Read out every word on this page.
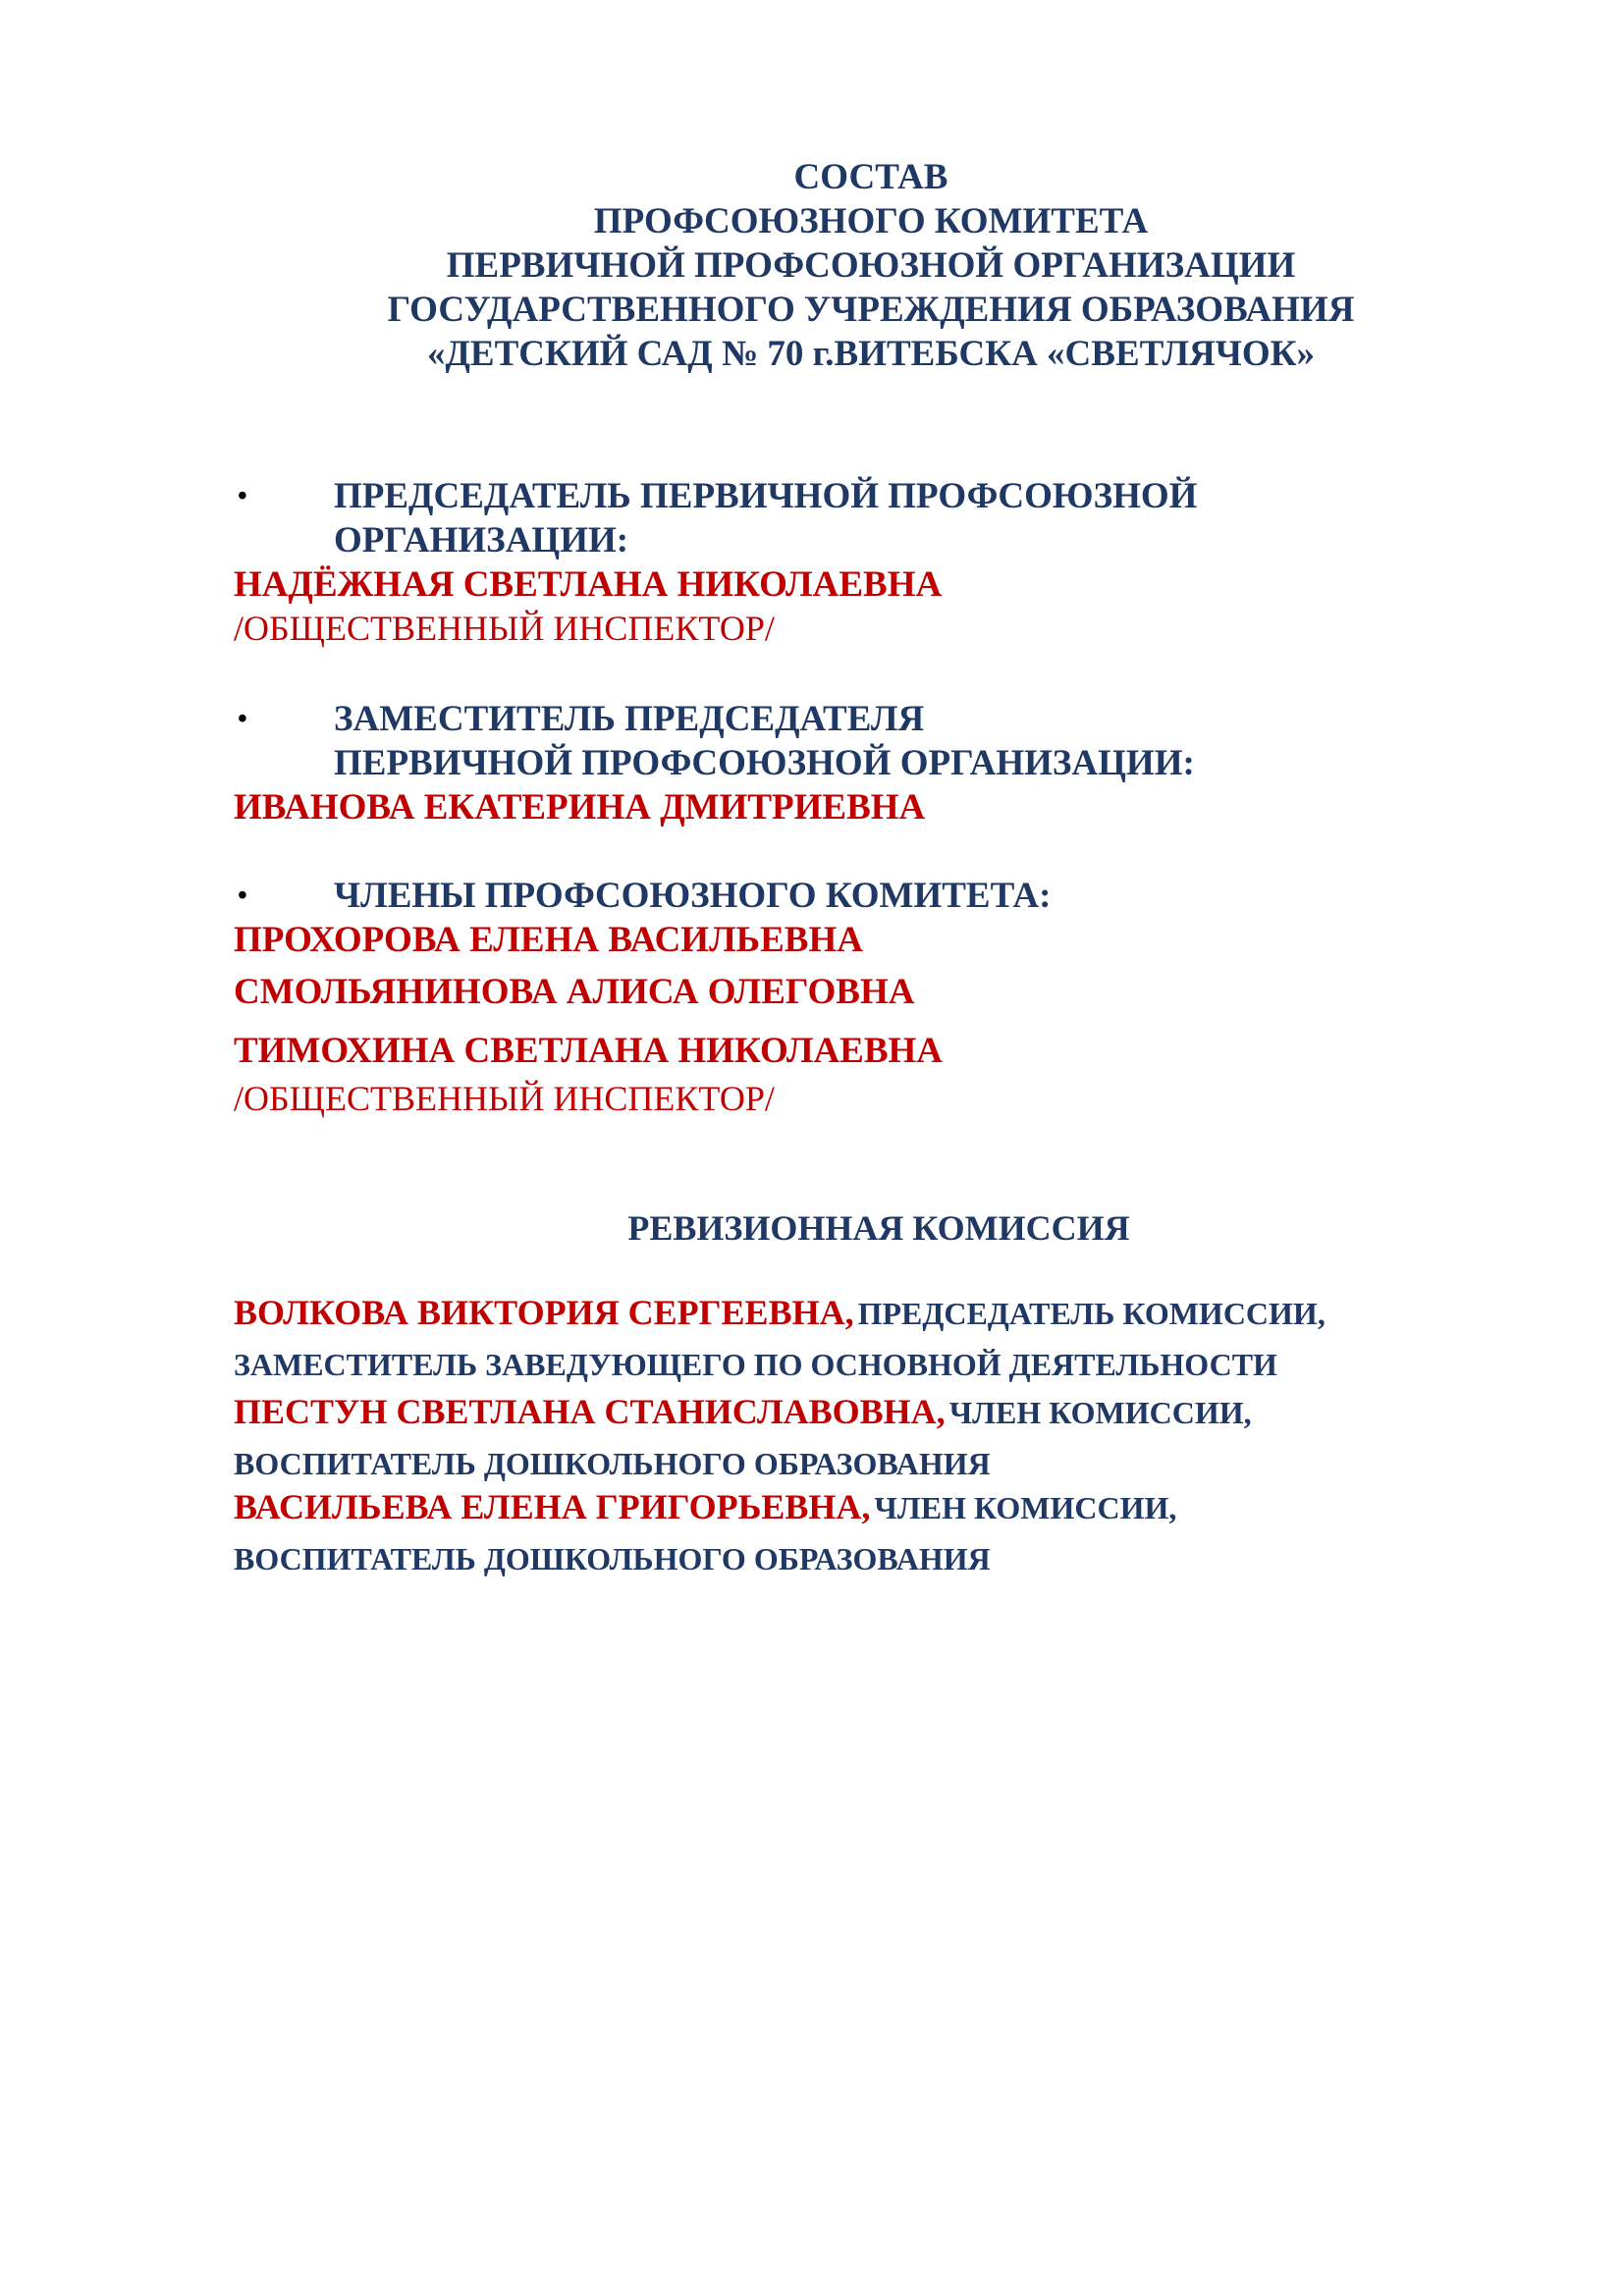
СОСТАВ
ПРОФСОЮЗНОГО КОМИТЕТА
ПЕРВИЧНОЙ ПРОФСОЮЗНОЙ ОРГАНИЗАЦИИ
ГОСУДАРСТВЕННОГО УЧРЕЖДЕНИЯ ОБРАЗОВАНИЯ
«ДЕТСКИЙ САД № 70 г.ВИТЕБСКА «СВЕТЛЯЧОК»
• ПРЕДСЕДАТЕЛЬ ПЕРВИЧНОЙ ПРОФСОЮЗНОЙ
ОРГАНИЗАЦИИ:
НАДЁЖНАЯ СВЕТЛАНА НИКОЛАЕВНА
/ОБЩЕСТВЕННЫЙ ИНСПЕКТОР/
• ЗАМЕСТИТЕЛЬ ПРЕДСЕДАТЕЛЯ
ПЕРВИЧНОЙ ПРОФСОЮЗНОЙ ОРГАНИЗАЦИИ:
ИВАНОВА ЕКАТЕРИНА ДМИТРИЕВНА
• ЧЛЕНЫ ПРОФСОЮЗНОГО КОМИТЕТА:
ПРОХОРОВА ЕЛЕНА ВАСИЛЬЕВНА
СМОЛЬЯНИНОВА АЛИСА ОЛЕГОВНА
ТИМОХИНА СВЕТЛАНА НИКОЛАЕВНА
/ОБЩЕСТВЕННЫЙ ИНСПЕКТОР/
РЕВИЗИОННАЯ КОМИССИЯ
ВОЛКОВА ВИКТОРИЯ СЕРГЕЕВНА, ПРЕДСЕДАТЕЛЬ КОМИССИИ,
ЗАМЕСТИТЕЛЬ ЗАВЕДУЮЩЕГО ПО ОСНОВНОЙ ДЕЯТЕЛЬНОСТИ
ПЕСТУН СВЕТЛАНА СТАНИСЛАВОВНА, ЧЛЕН КОМИССИИ,
ВОСПИТАТЕЛЬ ДОШКОЛЬНОГО ОБРАЗОВАНИЯ
ВАСИЛЬЕВА ЕЛЕНА ГРИГОРЬЕВНА, ЧЛЕН КОМИССИИ,
ВОСПИТАТЕЛЬ ДОШКОЛЬНОГО ОБРАЗОВАНИЯ
